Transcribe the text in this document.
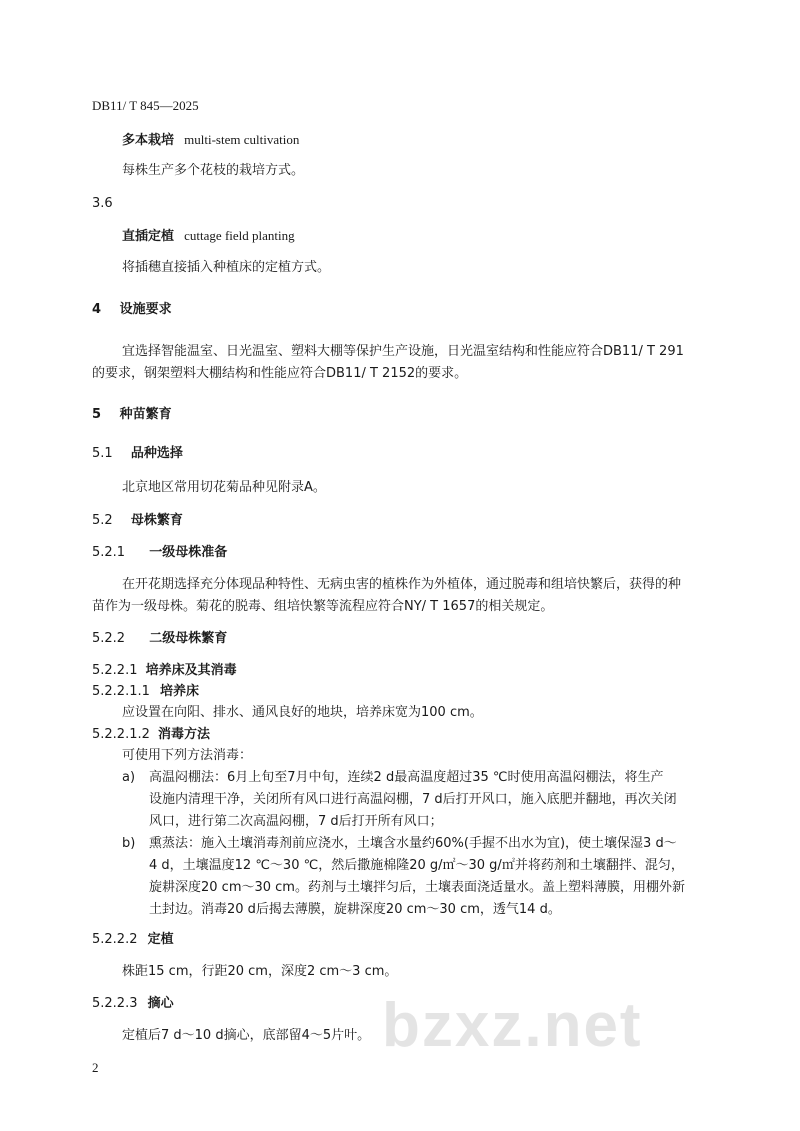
DB11/ T 845—2025
多本栽培 multi-stem cultivation
每株生产多个花枝的栽培方式。
3.6
直插定植 cuttage field planting
将插穗直接插入种植床的定植方式。
4 设施要求
宜选择智能温室、日光温室、塑料大棚等保护生产设施，日光温室结构和性能应符合DB11/ T 291
的要求，钢架塑料大棚结构和性能应符合DB11/ T 2152的要求。
5 种苗繁育
5.1 品种选择
北京地区常用切花菊品种见附录A。
5.2 母株繁育
5.2.1 一级母株准备
在开花期选择充分体现品种特性、无病虫害的植株作为外植体，通过脱毒和组培快繁后，获得的种
苗作为一级母株。菊花的脱毒、组培快繁等流程应符合NY/ T 1657的相关规定。
5.2.2 二级母株繁育
5.2.2.1 培养床及其消毒
5.2.2.1.1 培养床
应设置在向阳、排水、通风良好的地块，培养床宽为100 cm。
5.2.2.1.2 消毒方法
可使用下列方法消毒：
a) 高温闷棚法：6月上旬至7月中旬，连续2 d最高温度超过35 ℃时使用高温闷棚法，将生产
设施内清理干净，关闭所有风口进行高温闷棚，7 d后打开风口，施入底肥并翻地，再次关闭
风口，进行第二次高温闷棚，7 d后打开所有风口；
b) 熏蒸法：施入土壤消毒剂前应浇水，土壤含水量约60%(手握不出水为宜)，使土壤保湿3 d～
4 d，土壤温度12 ℃～30 ℃，然后撒施棉隆20 g/㎡～30 g/㎡并将药剂和土壤翻拌、混匀，
旋耕深度20 cm～30 cm。药剂与土壤拌匀后，土壤表面浇适量水。盖上塑料薄膜，用棚外新
土封边。消毒20 d后揭去薄膜，旋耕深度20 cm～30 cm，透气14 d。
5.2.2.2 定植
株距15 cm，行距20 cm，深度2 cm～3 cm。
5.2.2.3 摘心
定植后7 d～10 d摘心，底部留4～5片叶。 bzxz.net
2
